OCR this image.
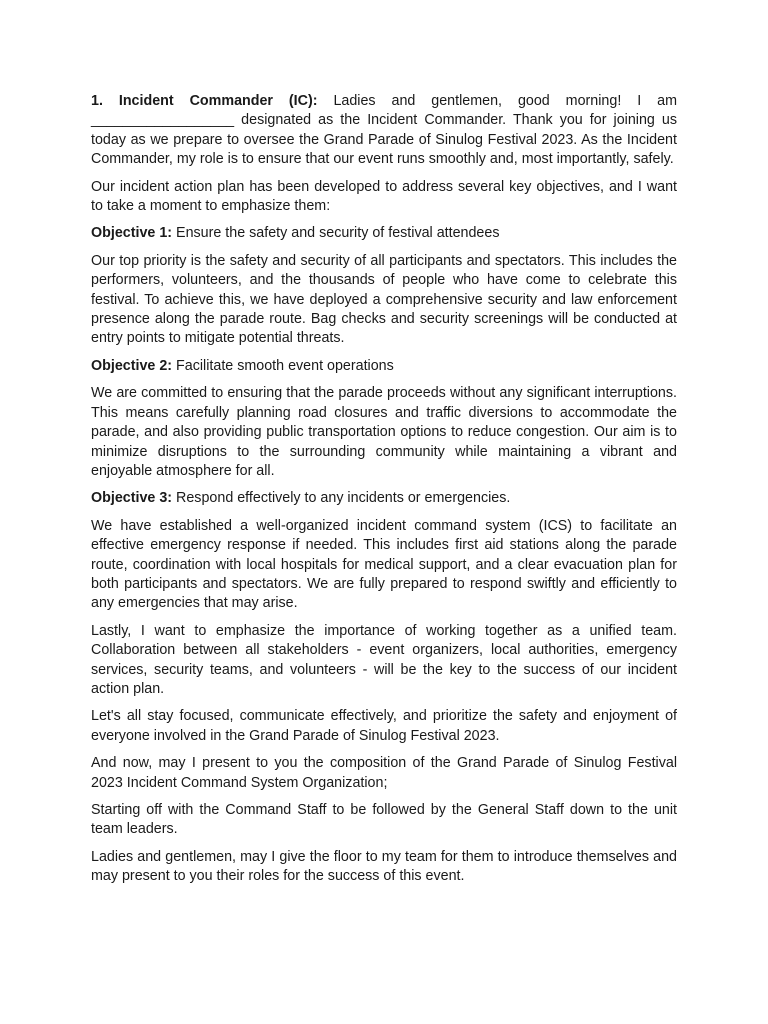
1. Incident Commander (IC): Ladies and gentlemen, good morning! I am __________________ designated as the Incident Commander. Thank you for joining us today as we prepare to oversee the Grand Parade of Sinulog Festival 2023. As the Incident Commander, my role is to ensure that our event runs smoothly and, most importantly, safely.

Our incident action plan has been developed to address several key objectives, and I want to take a moment to emphasize them:

Objective 1: Ensure the safety and security of festival attendees

Our top priority is the safety and security of all participants and spectators. This includes the performers, volunteers, and the thousands of people who have come to celebrate this festival. To achieve this, we have deployed a comprehensive security and law enforcement presence along the parade route. Bag checks and security screenings will be conducted at entry points to mitigate potential threats.

Objective 2: Facilitate smooth event operations

We are committed to ensuring that the parade proceeds without any significant interruptions. This means carefully planning road closures and traffic diversions to accommodate the parade, and also providing public transportation options to reduce congestion. Our aim is to minimize disruptions to the surrounding community while maintaining a vibrant and enjoyable atmosphere for all.

Objective 3: Respond effectively to any incidents or emergencies.

We have established a well-organized incident command system (ICS) to facilitate an effective emergency response if needed. This includes first aid stations along the parade route, coordination with local hospitals for medical support, and a clear evacuation plan for both participants and spectators. We are fully prepared to respond swiftly and efficiently to any emergencies that may arise.

Lastly, I want to emphasize the importance of working together as a unified team. Collaboration between all stakeholders - event organizers, local authorities, emergency services, security teams, and volunteers - will be the key to the success of our incident action plan.

Let's all stay focused, communicate effectively, and prioritize the safety and enjoyment of everyone involved in the Grand Parade of Sinulog Festival 2023.

And now, may I present to you the composition of the Grand Parade of Sinulog Festival 2023 Incident Command System Organization;

Starting off with the Command Staff to be followed by the General Staff down to the unit team leaders.

Ladies and gentlemen, may I give the floor to my team for them to introduce themselves and may present to you their roles for the success of this event.
